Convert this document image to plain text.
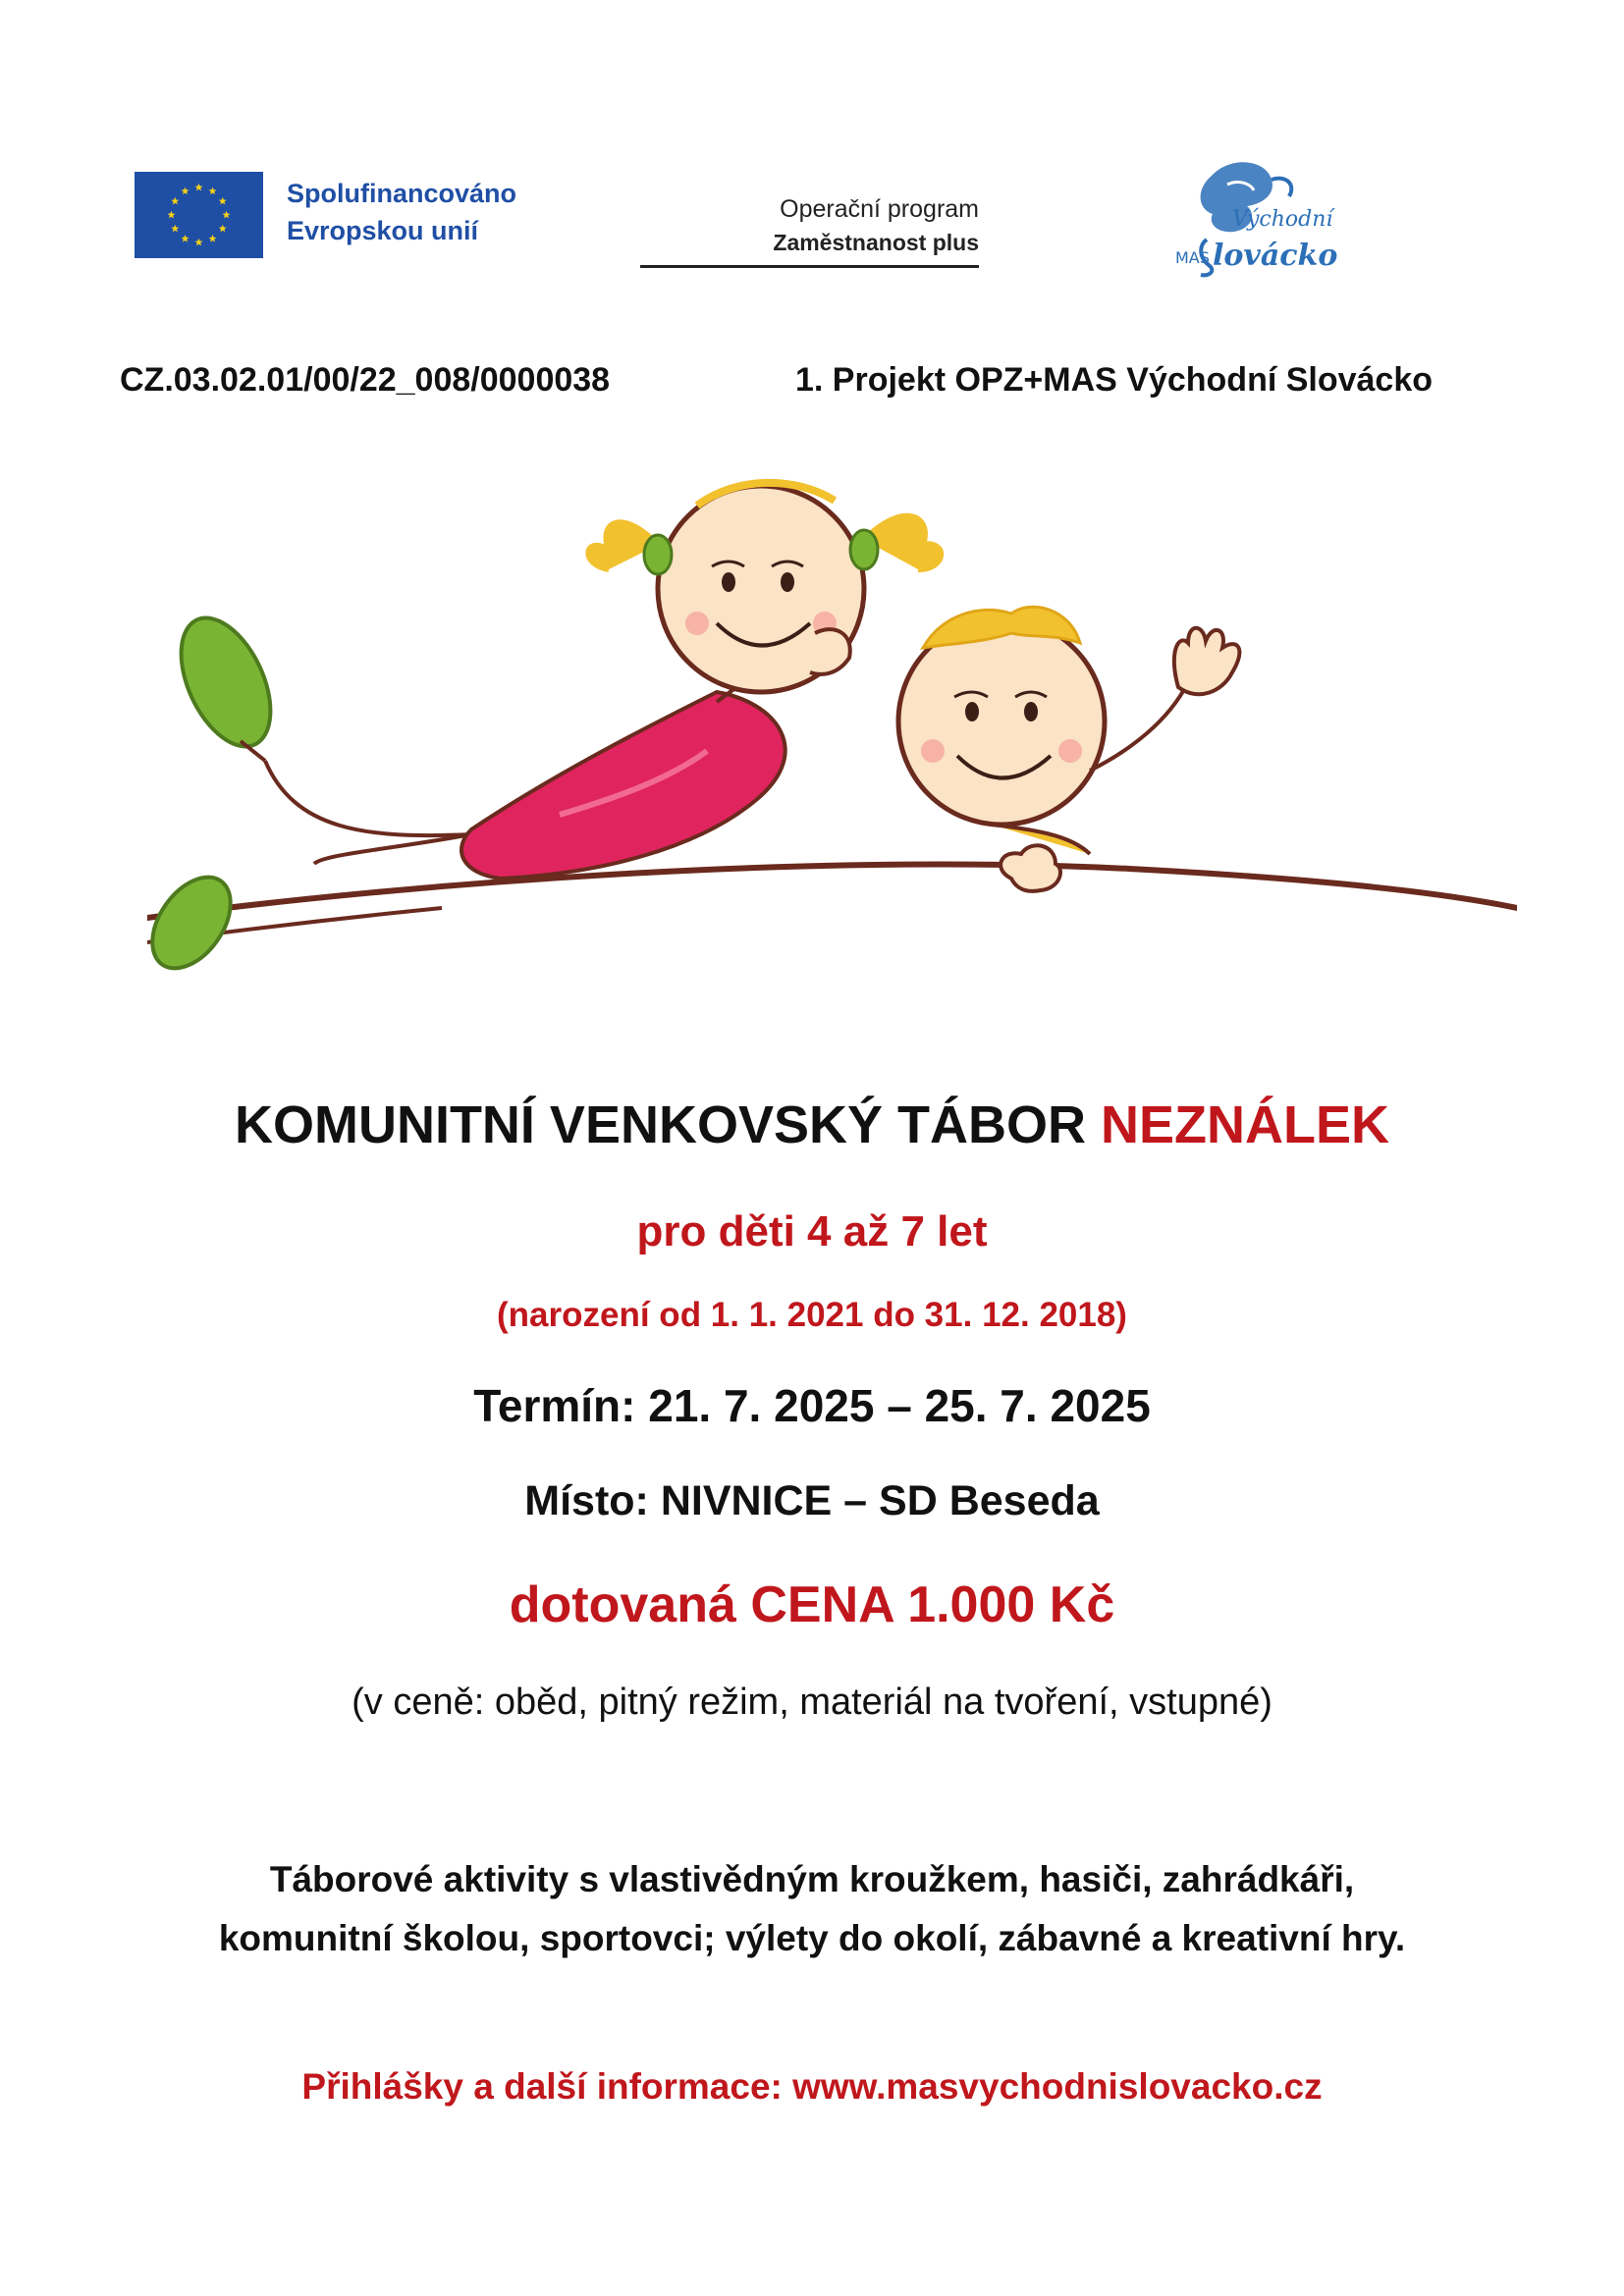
Spolufinancováno
Evropskou unií
Operační program
Zaměstnanost plus
Východní
MAS lovácko
CZ.03.02.01/00/22_008/0000038	1. Projekt OPZ+MAS Východní Slovácko
KOMUNITNÍ VENKOVSKÝ TÁBOR NEZNÁLEK
pro děti 4 až 7 let
(narození od 1. 1. 2021 do 31. 12. 2018)
Termín: 21. 7. 2025 – 25. 7. 2025
Místo: NIVNICE – SD Beseda
dotovaná CENA 1.000 Kč
(v ceně: oběd, pitný režim, materiál na tvoření, vstupné)
Táborové aktivity s vlastivědným kroužkem, hasiči, zahrádkáři,
komunitní školou, sportovci; výlety do okolí, zábavné a kreativní hry.
Přihlášky a další informace: www.masvychodnislovacko.cz
